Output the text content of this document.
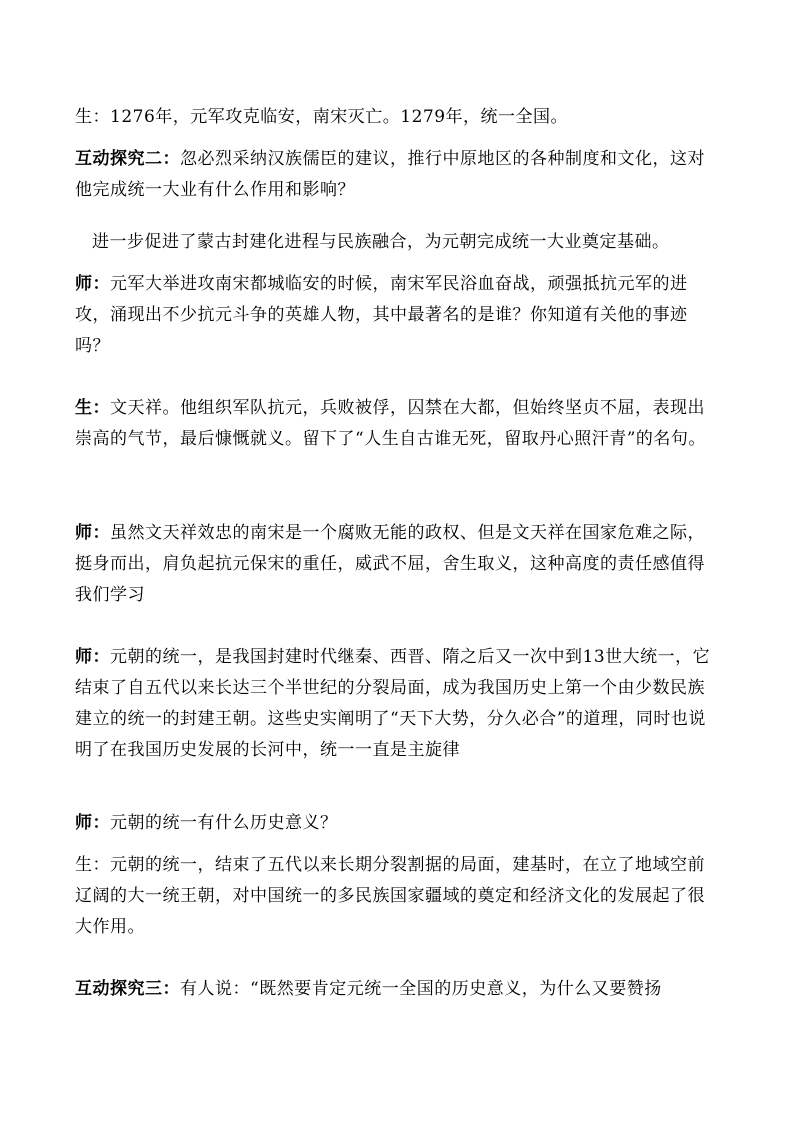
生：1276年，元军攻克临安，南宋灭亡。1279年，统一全国。

互动探究二：忽必烈采纳汉族儒臣的建议，推行中原地区的各种制度和文化，这对他完成统一大业有什么作用和影响？

进一步促进了蒙古封建化进程与民族融合，为元朝完成统一大业奠定基础。

师：元军大举进攻南宋都城临安的时候，南宋军民浴血奋战，顽强抵抗元军的进攻，涌现出不少抗元斗争的英雄人物，其中最著名的是谁？你知道有关他的事迹吗？

生：文天祥。他组织军队抗元，兵败被俘，囚禁在大都，但始终坚贞不屈，表现出崇高的气节，最后慷慨就义。留下了“人生自古谁无死，留取丹心照汗青”的名句。

师：虽然文天祥效忠的南宋是一个腐败无能的政权、但是文天祥在国家危难之际，挺身而出，肩负起抗元保宋的重任，威武不屈，舍生取义，这种高度的责任感值得我们学习

师：元朝的统一，是我国封建时代继秦、西晋、隋之后又一次中到13世大统一，它结束了自五代以来长达三个半世纪的分裂局面，成为我国历史上第一个由少数民族建立的统一的封建王朝。这些史实阐明了“天下大势，分久必合”的道理，同时也说明了在我国历史发展的长河中，统一一直是主旋律

师：元朝的统一有什么历史意义？

生：元朝的统一，结束了五代以来长期分裂割据的局面，建基时，在立了地域空前辽阔的大一统王朝，对中国统一的多民族国家疆域的奠定和经济文化的发展起了很大作用。

互动探究三：有人说：“既然要肯定元统一全国的历史意义，为什么又要赞扬
